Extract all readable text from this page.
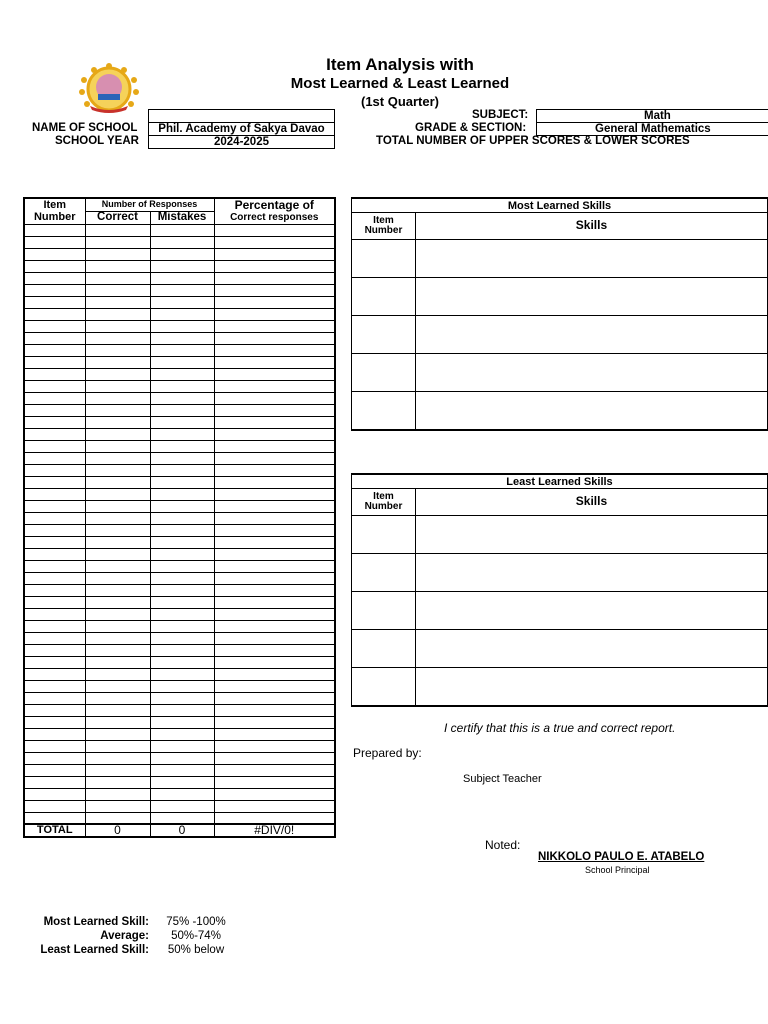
Item Analysis with
Most Learned & Least Learned
(1st Quarter)
NAME OF SCHOOL	Phil. Academy of Sakya Davao
SCHOOL YEAR	2024-2025
SUBJECT:	Math
GRADE & SECTION:	General Mathematics
TOTAL NUMBER OF UPPER SCORES & LOWER SCORES
Item	Number of Responses		Percentage of
Number	Correct	Mistakes	Correct responses

TOTAL	0	0	#DIV/0!
Most Learned Skills	
Item
Number	Skills

Least Learned Skills	
Item
Number	Skills

I certify that this is a true and correct report.
Prepared by:
Subject Teacher
Noted:
NIKKOLO PAULO E. ATABELO
School Principal
Most Learned Skill:	75% -100%
Average:	50%-74%
Least Learned Skill:	50% below
